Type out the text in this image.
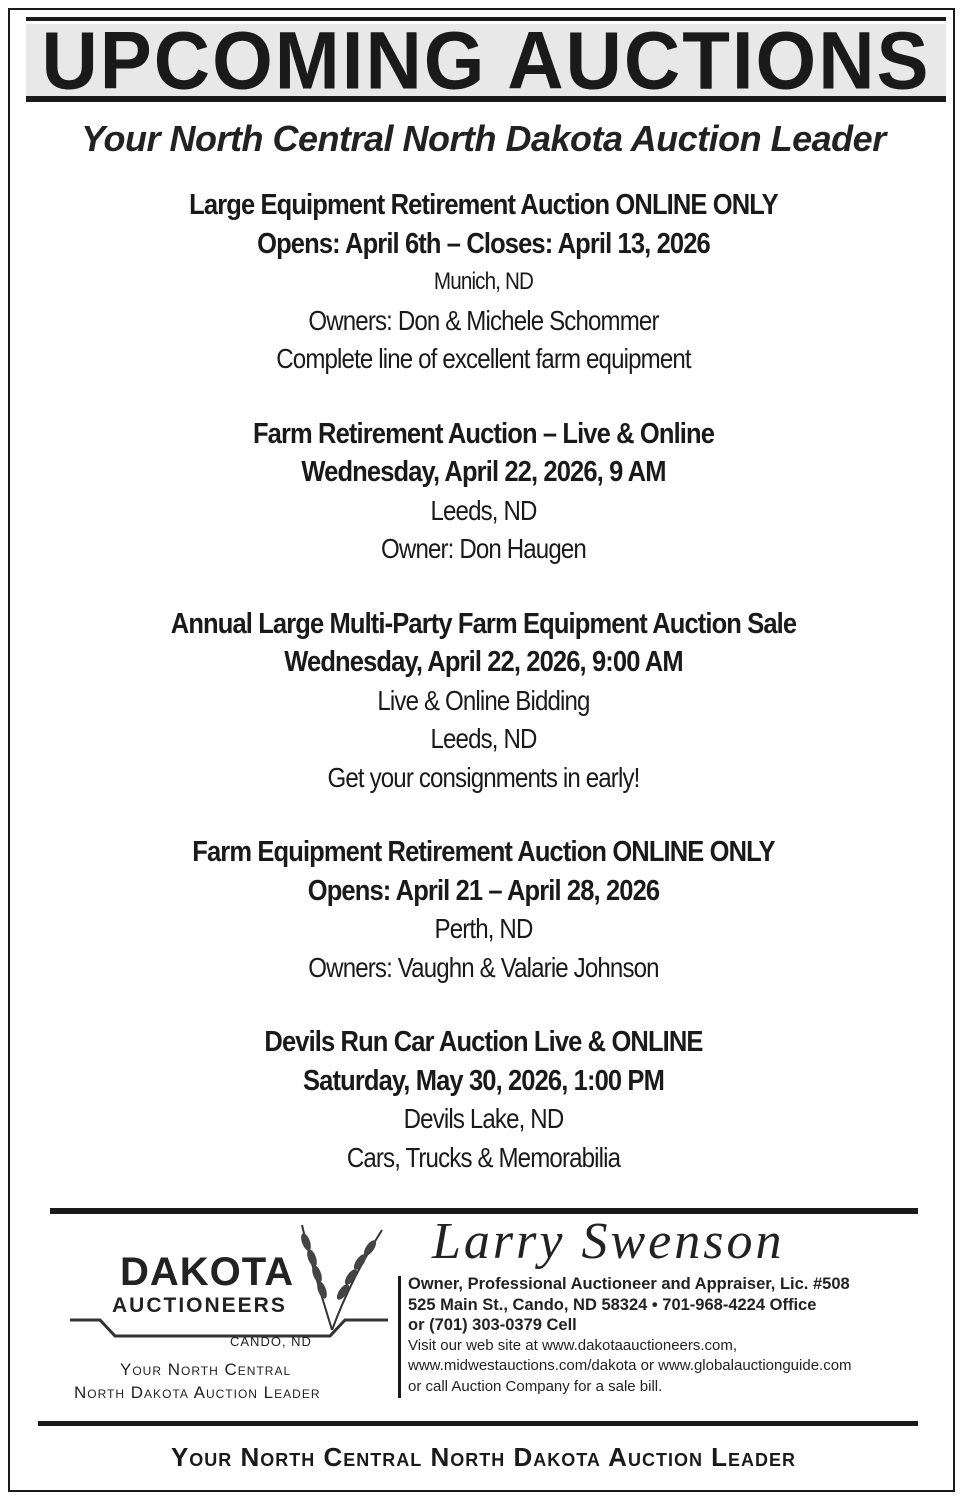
UPCOMING AUCTIONS
Your North Central North Dakota Auction Leader
Large Equipment Retirement Auction ONLINE ONLY
Opens: April 6th – Closes: April 13, 2026
Munich, ND
Owners: Don & Michele Schommer
Complete line of excellent farm equipment
Farm Retirement Auction – Live & Online
Wednesday, April 22, 2026, 9 AM
Leeds, ND
Owner: Don Haugen
Annual Large Multi-Party Farm Equipment Auction Sale
Wednesday, April 22, 2026, 9:00 AM
Live & Online Bidding
Leeds, ND
Get your consignments in early!
Farm Equipment Retirement Auction ONLINE ONLY
Opens: April 21 – April 28, 2026
Perth, ND
Owners: Vaughn & Valarie Johnson
Devils Run Car Auction Live & ONLINE
Saturday, May 30, 2026, 1:00 PM
Devils Lake, ND
Cars, Trucks & Memorabilia
DAKOTA
AUCTIONEERS
CANDO, ND
Your North Central
North Dakota Auction Leader
Larry Swenson
Owner, Professional Auctioneer and Appraiser, Lic. #508
525 Main St., Cando, ND 58324 • 701-968-4224 Office
or (701) 303-0379 Cell
Visit our web site at www.dakotaauctioneers.com,
www.midwestauctions.com/dakota or www.globalauctionguide.com
or call Auction Company for a sale bill.
Your North Central North Dakota Auction Leader
